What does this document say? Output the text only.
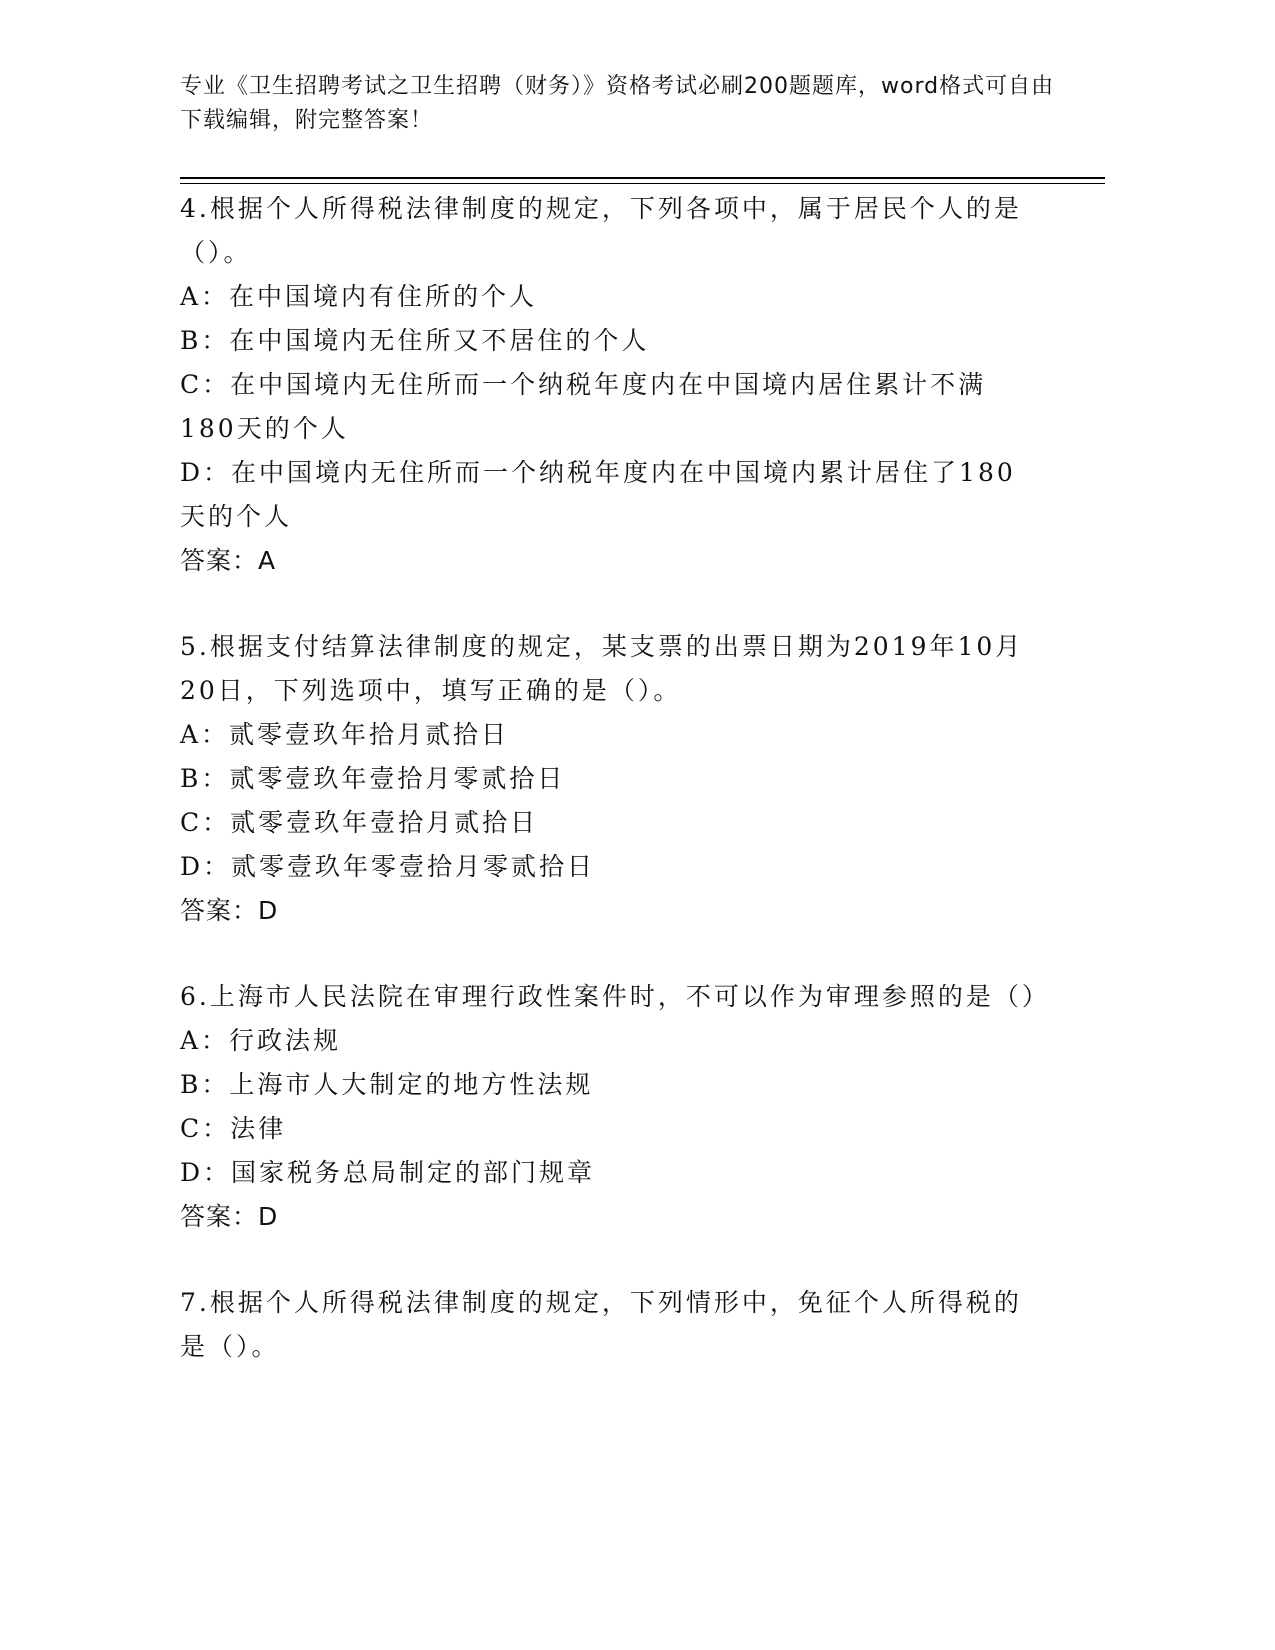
专业《卫生招聘考试之卫生招聘（财务）》资格考试必刷200题题库，word格式可自由下载编辑，附完整答案！

4.根据个人所得税法律制度的规定，下列各项中，属于居民个人的是（）。

A：在中国境内有住所的个人

B：在中国境内无住所又不居住的个人

C：在中国境内无住所而一个纳税年度内在中国境内居住累计不满180天的个人

D：在中国境内无住所而一个纳税年度内在中国境内累计居住了180天的个人

答案：A

5.根据支付结算法律制度的规定，某支票的出票日期为2019年10月20日，下列选项中，填写正确的是（）。

A：贰零壹玖年拾月贰拾日

B：贰零壹玖年壹拾月零贰拾日

C：贰零壹玖年壹拾月贰拾日

D：贰零壹玖年零壹拾月零贰拾日

答案：D

6.上海市人民法院在审理行政性案件时，不可以作为审理参照的是（）

A：行政法规

B：上海市人大制定的地方性法规

C：法律

D：国家税务总局制定的部门规章

答案：D

7.根据个人所得税法律制度的规定，下列情形中，免征个人所得税的是（）。
